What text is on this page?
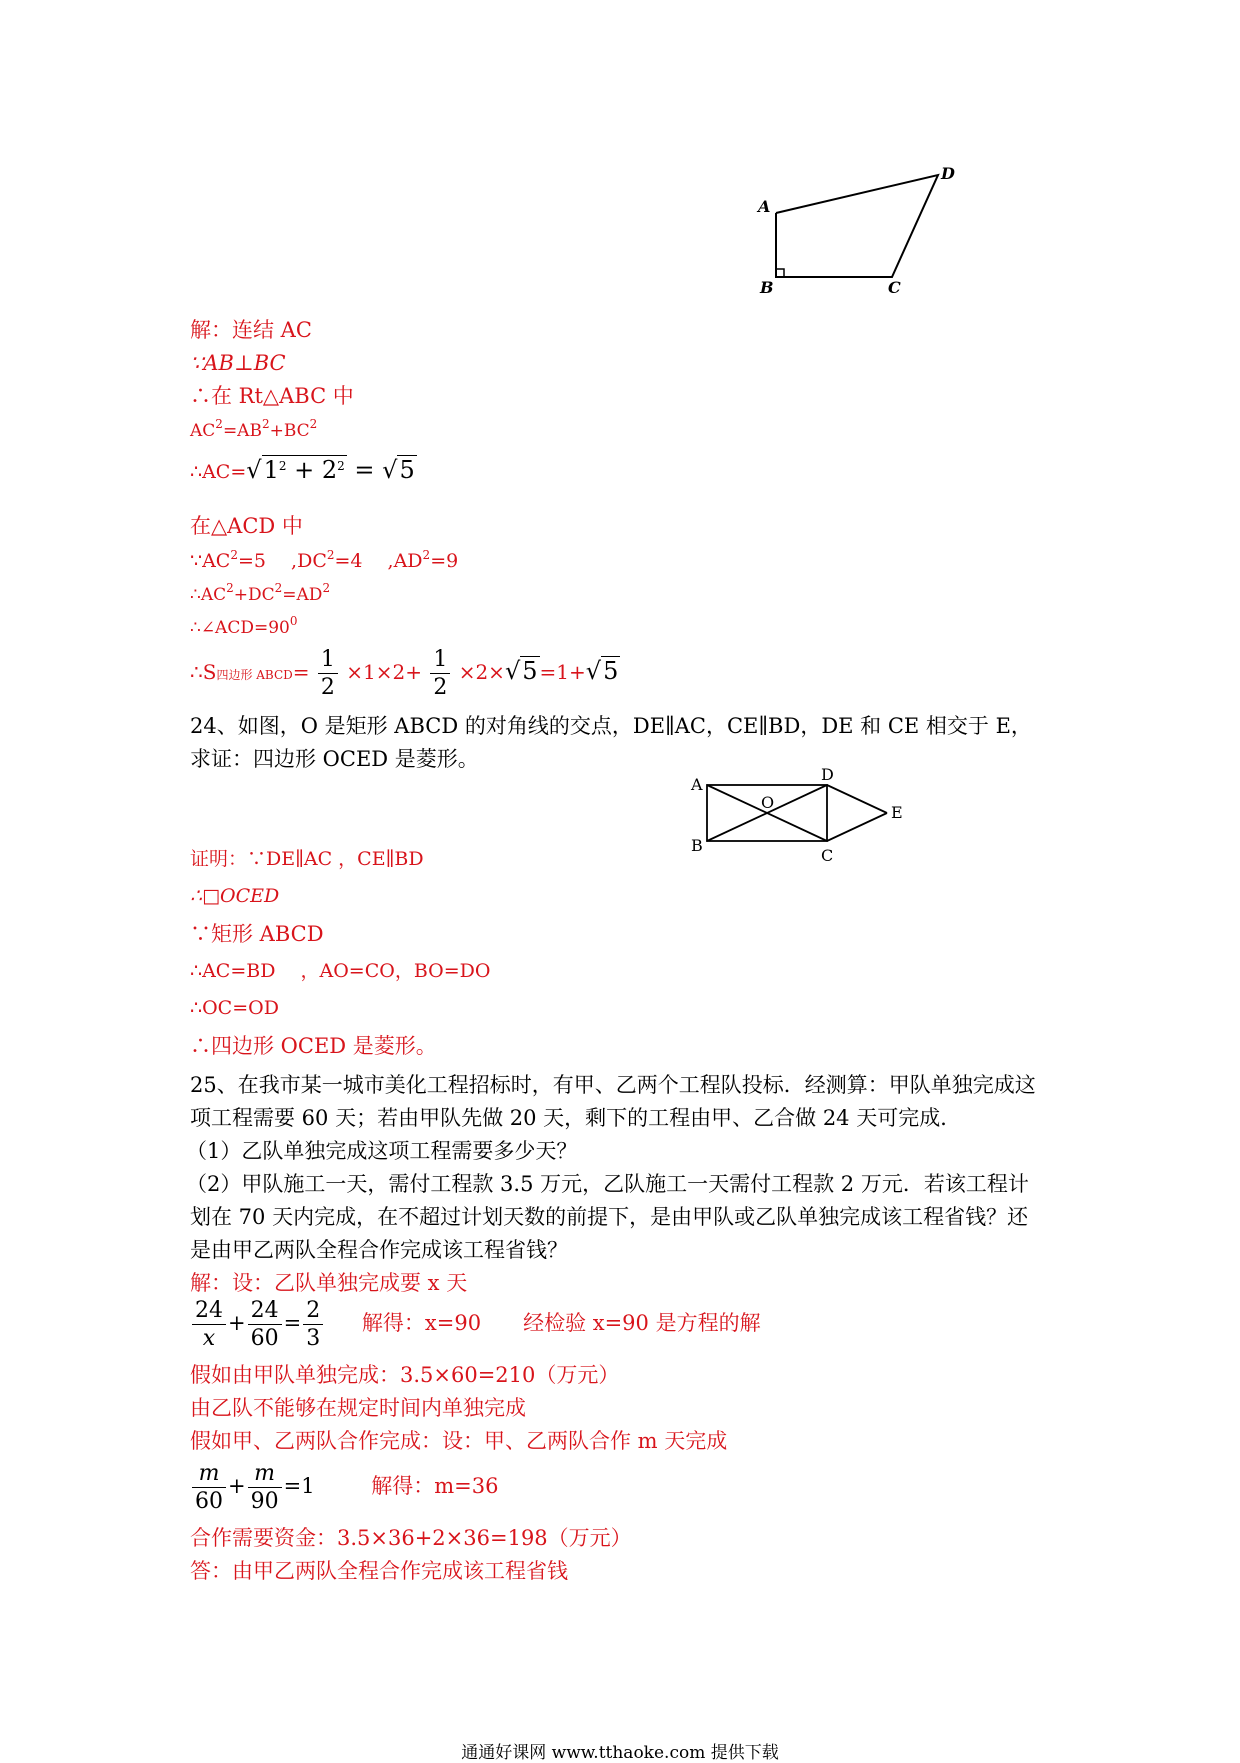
A
B	C
D
解：连结 AC
∵AB⊥BC
∴在 Rt△ABC 中
$AC^2=AB^2+BC^2$
$\therefore AC=√1^2 + 2^2 = √5$
在△ACD 中
$\because AC^2=5$　 $,DC^2=4$　 $,AD^2=9$
$\therefore AC^2+DC^2=AD^2$
$\therefore\angle ACD=90^0$
∴S四边形 ABCD= $\frac{1}{2} \times 1\times 2+ \frac{1}{2} \times 2\times√5 =1+√5$
24、如图，O 是矩形 ABCD 的对角线的交点，DE∥AC，CE∥BD，DE 和 CE 相交于 E，
求证：四边形 OCED 是菱形。
A
B
C
D
O
E
证明：∵DE∥AC ，CE∥BD
∴□OCED
∵矩形 ABCD
∴AC=BD　 ，AO=CO，BO=DO
∴OC=OD
∴四边形 OCED 是菱形。
25、在我市某一城市美化工程招标时，有甲、乙两个工程队投标．经测算：甲队单独完成这
项工程需要 60 天；若由甲队先做 20 天，剩下的工程由甲、乙合做 24 天可完成．
（1）乙队单独完成这项工程需要多少天？
（2）甲队施工一天，需付工程款 3.5 万元，乙队施工一天需付工程款 2 万元．若该工程计
划在 70 天内完成，在不超过计划天数的前提下，是由甲队或乙队单独完成该工程省钱？还
是由甲乙两队全程合作完成该工程省钱？
解：设：乙队单独完成要 x 天
$\frac{24}{x} + \frac{24}{60} = \frac{2}{3}$ 解得：x=90　　经检验 x=90 是方程的解
假如由甲队单独完成：3.5×60=210（万元）
由乙队不能够在规定时间内单独完成
假如甲、乙两队合作完成：设：甲、乙两队合作 m 天完成
$\frac{m}{60} + \frac{m}{90} =1$	解得：m=36
合作需要资金：3.5×36+2×36=198（万元）
答：由甲乙两队全程合作完成该工程省钱
通通好课网 www.tthaoke.com 提供下载
